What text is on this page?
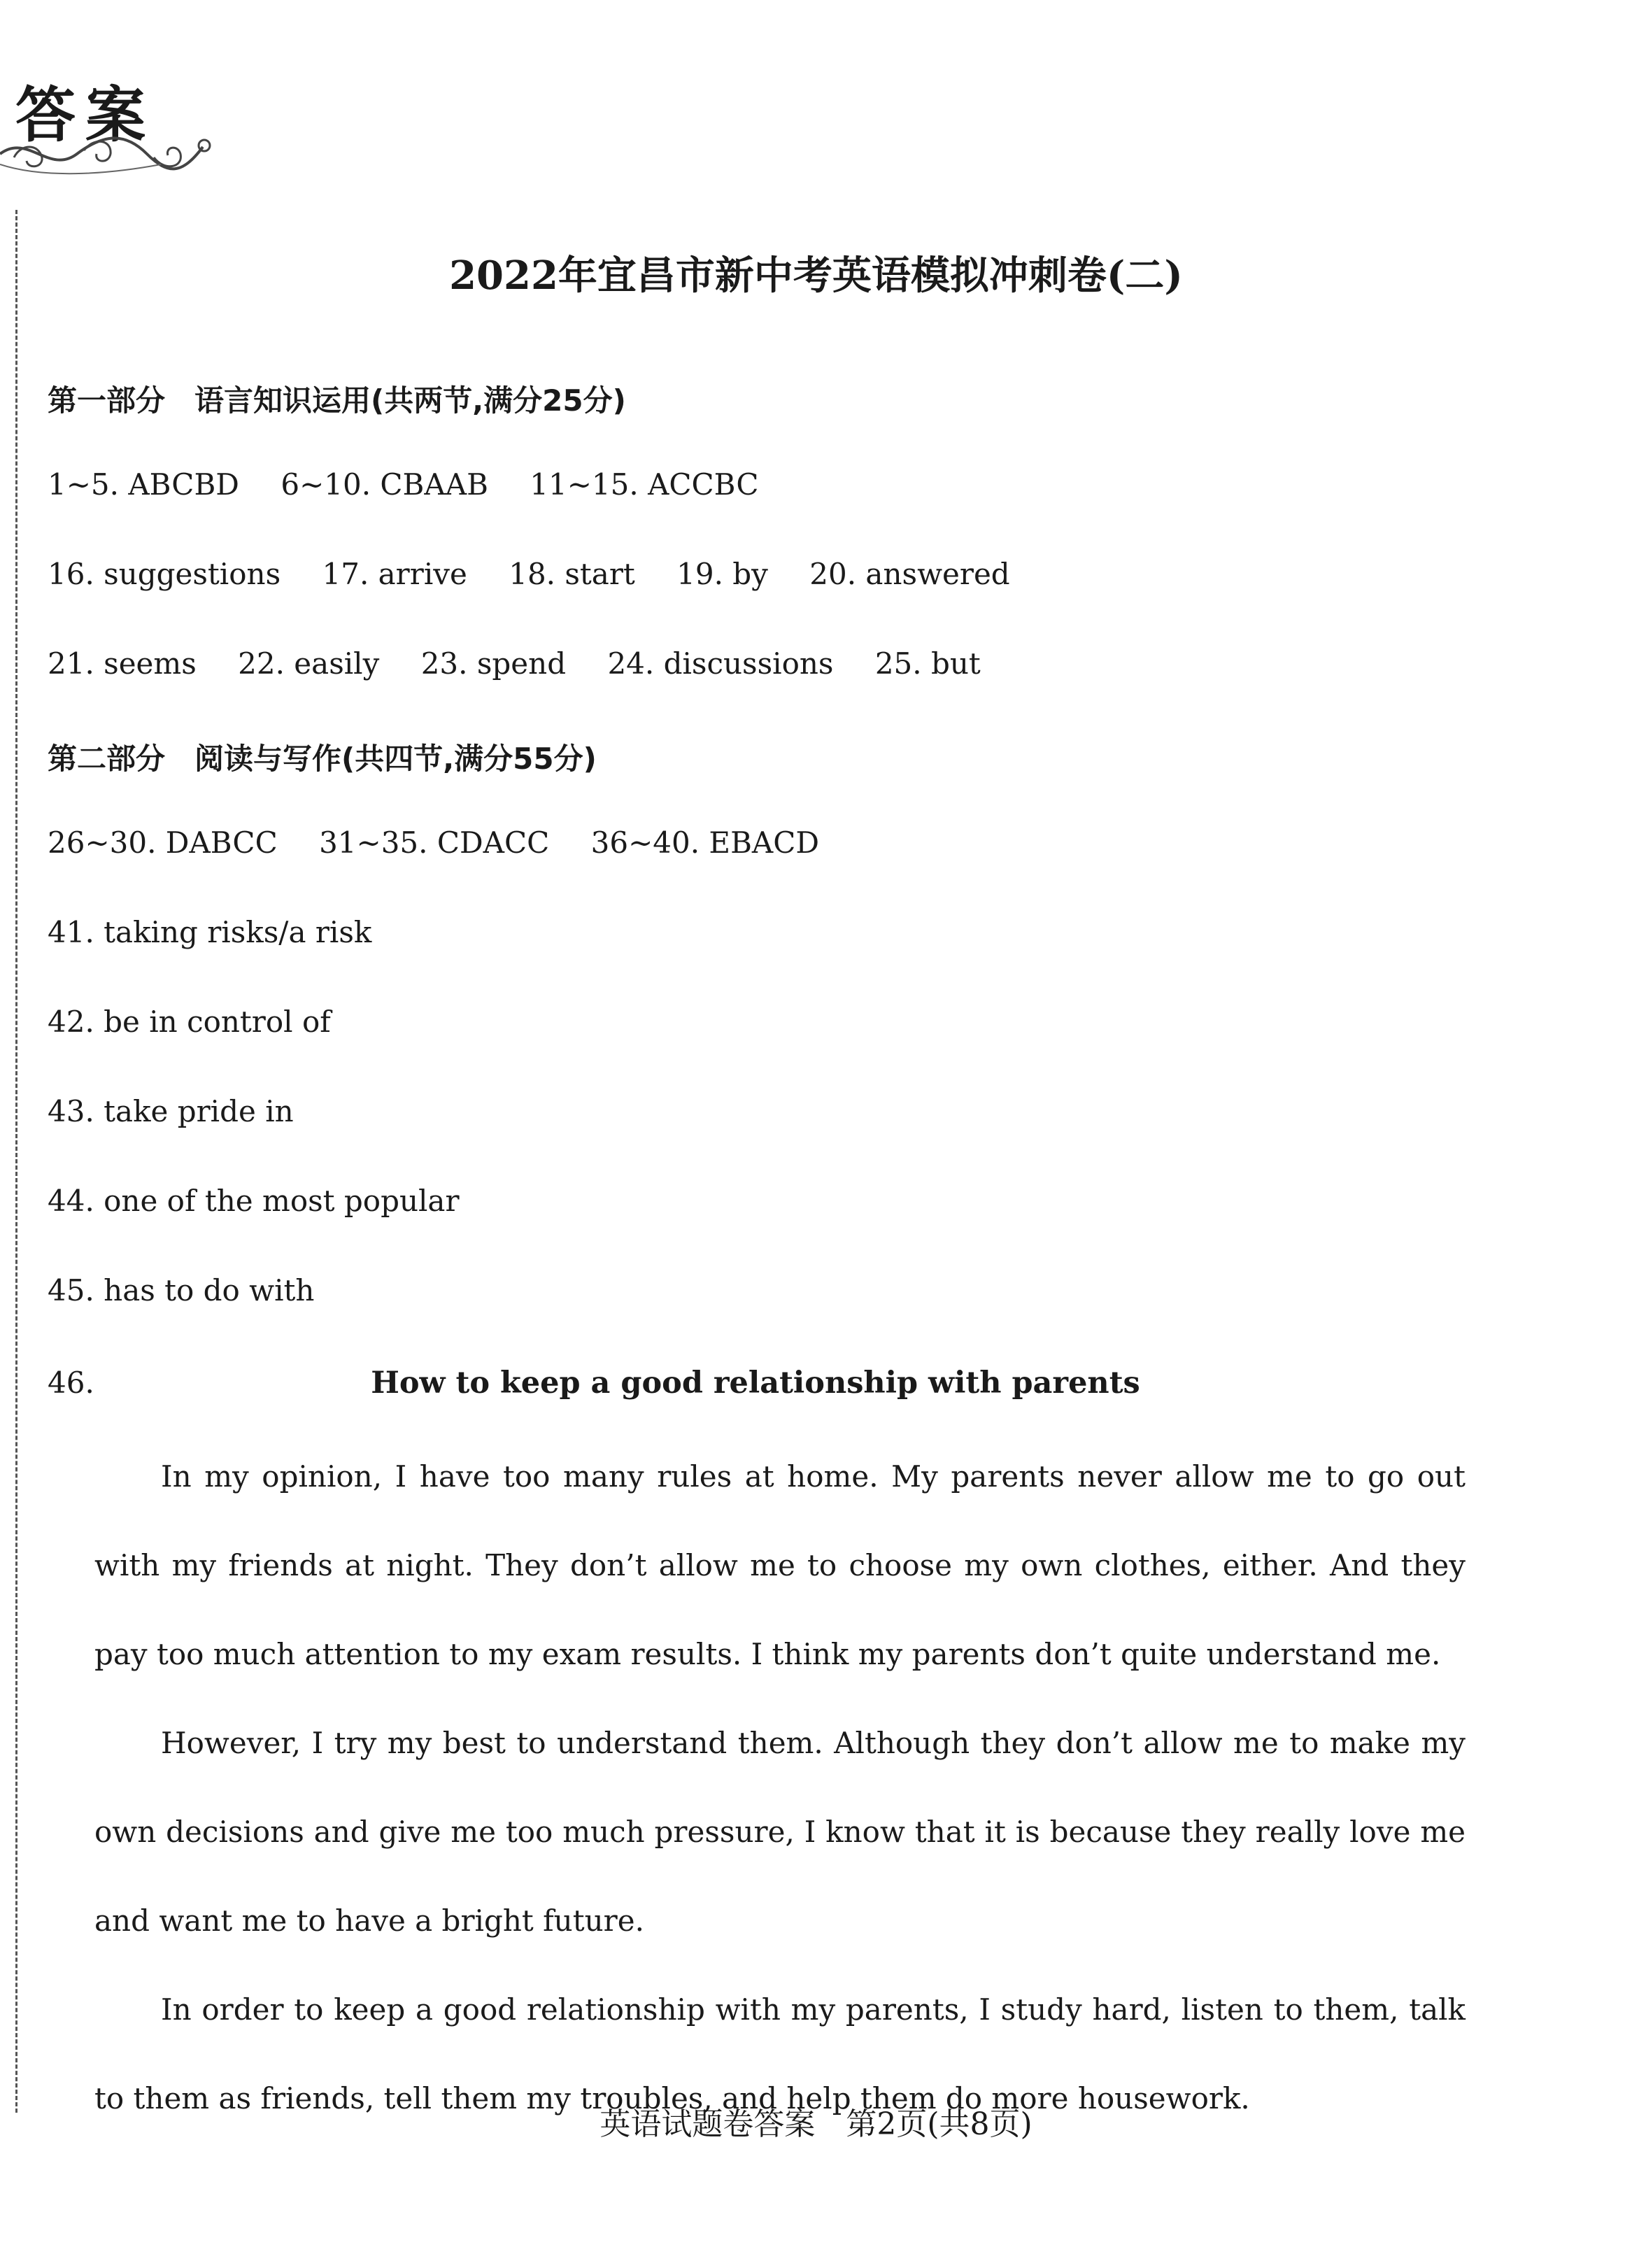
答案
2022年宜昌市新中考英语模拟冲刺卷(二)
第一部分　语言知识运用(共两节,满分25分)
1~5. ABCBD 6~10. CBAAB 11~15. ACCBC
16. suggestions 17. arrive 18. start 19. by 20. answered
21. seems 22. easily 23. spend 24. discussions 25. but
第二部分　阅读与写作(共四节,满分55分)
26~30. DABCC 31~35. CDACC 36~40. EBACD
41. taking risks/a risk
42. be in control of
43. take pride in
44. one of the most popular
45. has to do with
46.	How to keep a good relationship with parents

In my opinion, I have too many rules at home. My parents never allow me to go out with my friends at night. They don’t allow me to choose my own clothes, either. And they pay too much attention to my exam results. I think my parents don’t quite understand me.

However, I try my best to understand them. Although they don’t allow me to make my own decisions and give me too much pressure, I know that it is because they really love me and want me to have a bright future.

In order to keep a good relationship with my parents, I study hard, listen to them, talk to them as friends, tell them my troubles, and help them do more housework.

英语试题卷答案　第2页(共8页)
